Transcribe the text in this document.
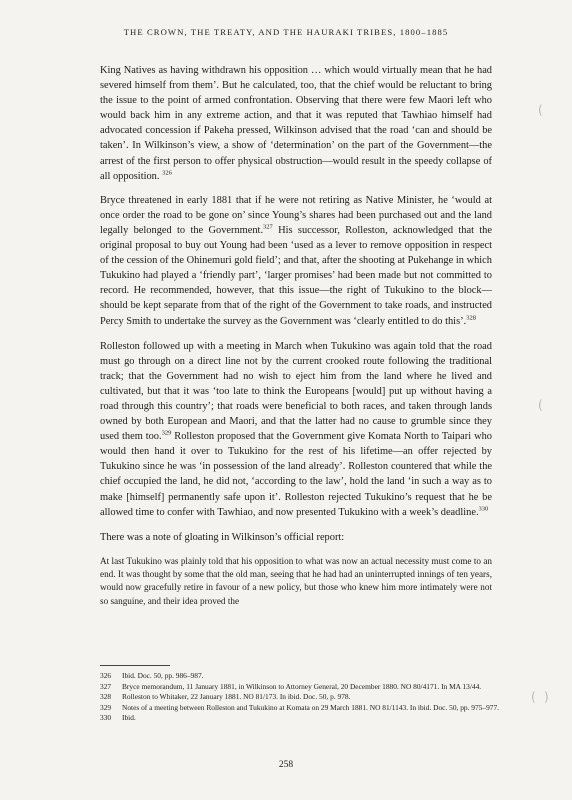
THE CROWN, THE TREATY, AND THE HAURAKI TRIBES, 1800–1885

King Natives as having withdrawn his opposition … which would virtually mean that he had severed himself from them’. But he calculated, too, that the chief would be reluctant to bring the issue to the point of armed confrontation. Observing that there were few Maori left who would back him in any extreme action, and that it was reputed that Tawhiao himself had advocated concession if Pakeha pressed, Wilkinson advised that the road ‘can and should be taken’. In Wilkinson’s view, a show of ‘determination’ on the part of the Government—the arrest of the first person to offer physical obstruction—would result in the speedy collapse of all opposition. $^{326}$

Bryce threatened in early 1881 that if he were not retiring as Native Minister, he ‘would at once order the road to be gone on’ since Young’s shares had been purchased out and the land legally belonged to the Government.$^{327}$ His successor, Rolleston, acknowledged that the original proposal to buy out Young had been ‘used as a lever to remove opposition in respect of the cession of the Ohinemuri gold field’; and that, after the shooting at Pukehange in which Tukukino had played a ‘friendly part’, ‘larger promises’ had been made but not committed to record. He recommended, however, that this issue—the right of Tukukino to the block—should be kept separate from that of the right of the Government to take roads, and instructed Percy Smith to undertake the survey as the Government was ‘clearly entitled to do this’.$^{328}$

Rolleston followed up with a meeting in March when Tukukino was again told that the road must go through on a direct line not by the current crooked route following the traditional track; that the Government had no wish to eject him from the land where he lived and cultivated, but that it was ‘too late to think the Europeans [would] put up without having a road through this country’; that roads were beneficial to both races, and taken through lands owned by both European and Maori, and that the latter had no cause to grumble since they used them too.$^{329}$ Rolleston proposed that the Government give Komata North to Taipari who would then hand it over to Tukukino for the rest of his lifetime—an offer rejected by Tukukino since he was ‘in possession of the land already’. Rolleston countered that while the chief occupied the land, he did not, ‘according to the law’, hold the land ‘in such a way as to make [himself] permanently safe upon it’. Rolleston rejected Tukukino’s request that he be allowed time to confer with Tawhiao, and now presented Tukukino with a week’s deadline.$^{330}$

There was a note of gloating in Wilkinson’s official report:

At last Tukukino was plainly told that his opposition to what was now an actual necessity must come to an end. It was thought by some that the old man, seeing that he had had an uninterrupted innings of ten years, would now gracefully retire in favour of a new policy, but those who knew him more intimately were not so sanguine, and their idea proved the

326	Ibid. Doc. 50, pp. 986–987.
327	Bryce memorandum, 11 January 1881, in Wilkinson to Attorney General, 20 December 1880. NO 80/4171. In MA 13/44.
328	Rolleston to Whitaker, 22 January 1881. NO 81/173. In ibid. Doc. 50, p. 978.
329	Notes of a meeting between Rolleston and Tukukino at Komata on 29 March 1881. NO 81/1143. In ibid. Doc. 50, pp. 975–977.
330	Ibid.
258
(
(
( )
